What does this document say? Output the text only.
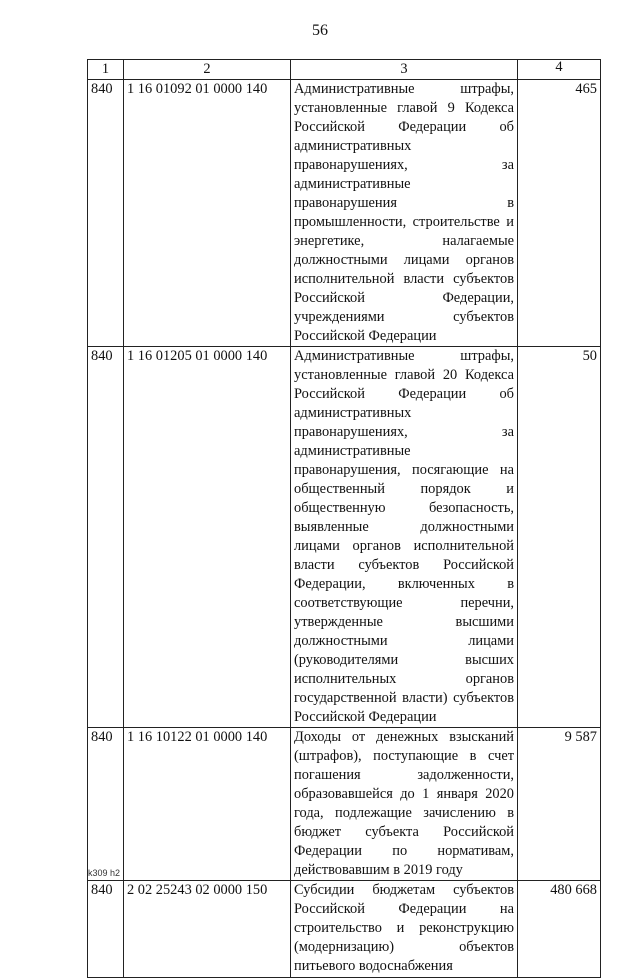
56
1	2	3	4
840	1 16 01092 01 0000 140	Административные штрафы, установленные главой 9 Кодекса Российской Федерации об административных правонарушениях, за административные правонарушения в промышленности, строительстве и энергетике, налагаемые должностными лицами органов исполнительной власти субъектов Российской Федерации, учреждениями субъектов Российской Федерации	465
840	1 16 01205 01 0000 140	Административные штрафы, установленные главой 20 Кодекса Российской Федерации об административных правонарушениях, за административные правонарушения, посягающие на общественный порядок и общественную безопасность, выявленные должностными лицами органов исполнительной власти субъектов Российской Федерации, включенных в соответствующие перечни, утвержденные высшими должностными лицами (руководителями высших исполнительных органов государственной власти) субъектов Российской Федерации	50
840	1 16 10122 01 0000 140	Доходы от денежных взысканий (штрафов), поступающие в счет погашения задолженности, образовавшейся до 1 января 2020 года, подлежащие зачислению в бюджет субъекта Российской Федерации по нормативам, действовавшим в 2019 году	9 587
840	2 02 25243 02 0000 150	Субсидии бюджетам субъектов Российской Федерации на строительство и реконструкцию (модернизацию) объектов питьевого водоснабжения	480 668
k309 h2
